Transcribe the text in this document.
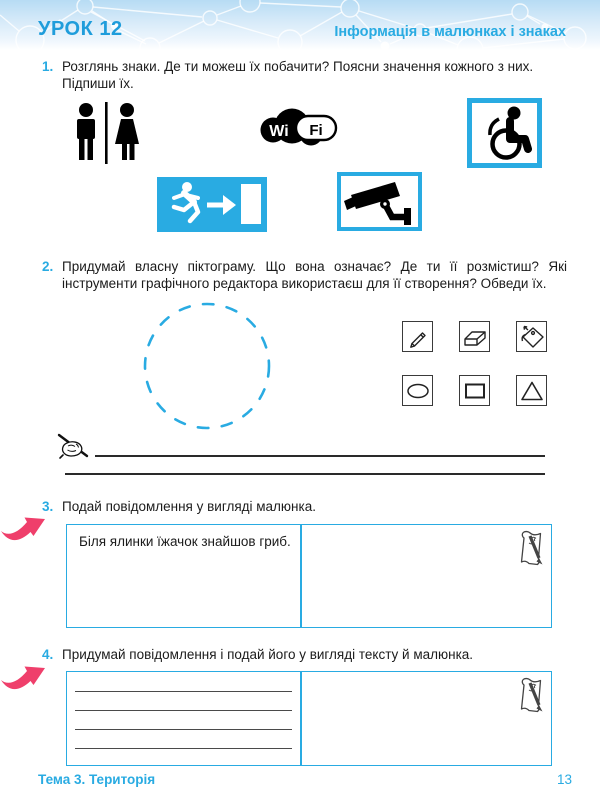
УРОК 12	Інформація в малюнках і знаках
1. Розглянь знаки. Де ти можеш їх побачити? Поясни значення кожного з них. Підпиши їх.
Wi Fi
2. Придумай власну піктограму. Що вона означає? Де ти її розмістиш? Які інструменти графічного редактора використаєш для її створення? Обведи їх.
3. Подай повідомлення у вигляді малюнка.
Біля ялинки їжачок знайшов гриб.
4. Придумай повідомлення і подай його у вигляді тексту й малюнка.
Тема 3. Територія	13
